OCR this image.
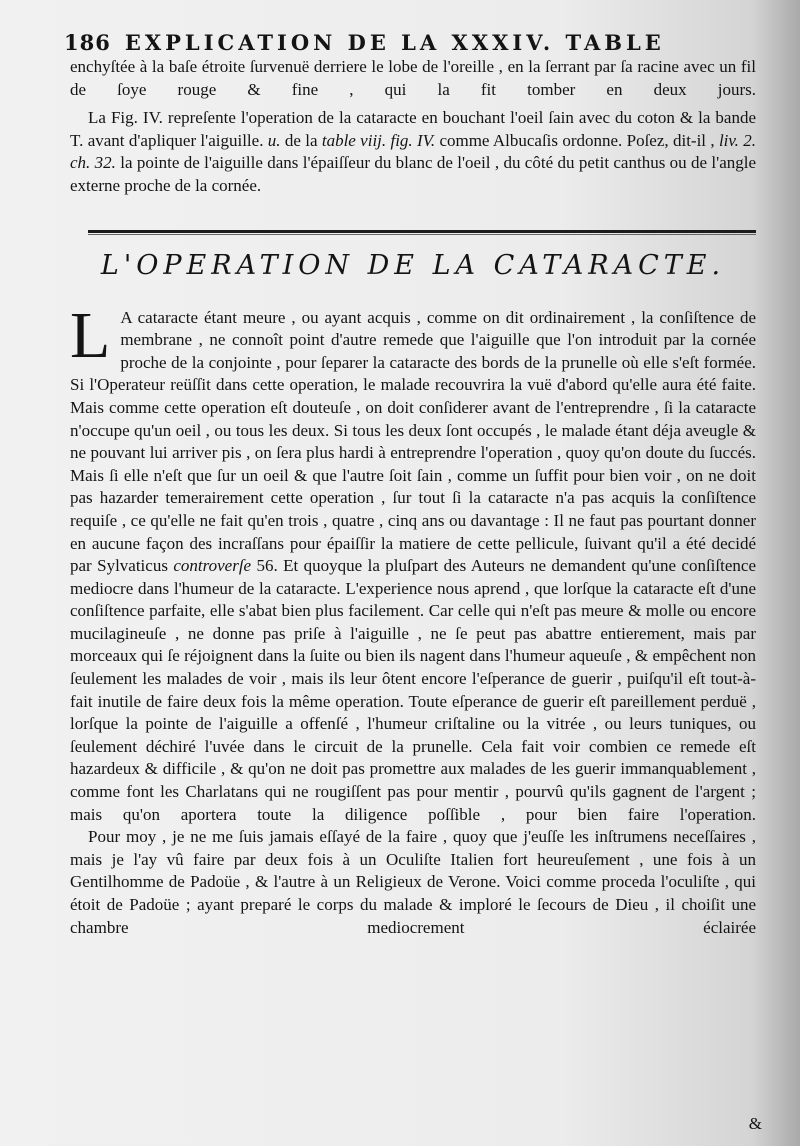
186 EXPLICATION DE LA XXXIV. TABLE

enchyſtée à la baſe étroite ſurvenuë derriere le lobe de l'oreille , en la ſerrant par ſa racine avec un fil de ſoye rouge & fine , qui la fit tomber en deux jours.

La Fig. IV. repreſente l'operation de la cataracte en bouchant l'oeil ſain avec du coton & la bande T. avant d'apliquer l'aiguille. u. de la table viij. fig. IV. comme Albucaſis ordonne. Poſez, dit-il , liv. 2. ch. 32. la pointe de l'aiguille dans l'épaiſſeur du blanc de l'oeil , du côté du petit canthus ou de l'angle externe proche de la cornée.

L'OPERATION DE LA CATARACTE.

L A cataracte étant meure , ou ayant acquis , comme on dit ordinairement , la conſiſtence de membrane , ne connoît point d'autre remede que l'aiguille que l'on introduit par la cornée proche de la conjointe , pour ſeparer la cataracte des bords de la prunelle où elle s'eſt formée. Si l'Operateur reüſſit dans cette operation, le malade recouvrira la vuë d'abord qu'elle aura été faite. Mais comme cette operation eſt douteuſe , on doit conſiderer avant de l'entreprendre , ſi la cataracte n'occupe qu'un oeil , ou tous les deux. Si tous les deux ſont occupés , le malade étant déja aveugle & ne pouvant lui arriver pis , on ſera plus hardi à entreprendre l'operation , quoy qu'on doute du ſuccés. Mais ſi elle n'eſt que ſur un oeil & que l'autre ſoit ſain , comme un ſuffit pour bien voir , on ne doit pas hazarder temerairement cette operation , ſur tout ſi la cataracte n'a pas acquis la conſiſtence requiſe , ce qu'elle ne fait qu'en trois , quatre , cinq ans ou davantage : Il ne faut pas pourtant donner en aucune façon des incraſſans pour épaiſſir la matiere de cette pellicule, ſuivant qu'il a été decidé par Sylvaticus controverſe 56. Et quoyque la pluſpart des Auteurs ne demandent qu'une conſiſtence mediocre dans l'humeur de la cataracte. L'experience nous aprend , que lorſque la cataracte eſt d'une conſiſtence parfaite, elle s'abat bien plus facilement. Car celle qui n'eſt pas meure & molle ou encore mucilagineuſe , ne donne pas priſe à l'aiguille , ne ſe peut pas abattre entierement, mais par morceaux qui ſe réjoignent dans la ſuite ou bien ils nagent dans l'humeur aqueuſe , & empêchent non ſeulement les malades de voir , mais ils leur ôtent encore l'eſperance de guerir , puiſqu'il eſt tout-à-fait inutile de faire deux fois la même operation. Toute eſperance de guerir eſt pareillement perduë , lorſque la pointe de l'aiguille a offenſé , l'humeur criſtaline ou la vitrée , ou leurs tuniques, ou ſeulement déchiré l'uvée dans le circuit de la prunelle. Cela fait voir combien ce remede eſt hazardeux & difficile , & qu'on ne doit pas promettre aux malades de les guerir immanquablement , comme font les Charlatans qui ne rougiſſent pas pour mentir , pourvû qu'ils gagnent de l'argent ; mais qu'on aportera toute la diligence poſſible , pour bien faire l'operation.

Pour moy , je ne me ſuis jamais eſſayé de la faire , quoy que j'euſſe les inſtrumens neceſſaires , mais je l'ay vû faire par deux fois à un Oculiſte Italien fort heureuſement , une fois à un Gentilhomme de Padoüe , & l'autre à un Religieux de Verone. Voici comme proceda l'oculiſte , qui étoit de Padoüe ; ayant preparé le corps du malade & imploré le ſecours de Dieu , il choiſit une chambre mediocrement éclairée

&
